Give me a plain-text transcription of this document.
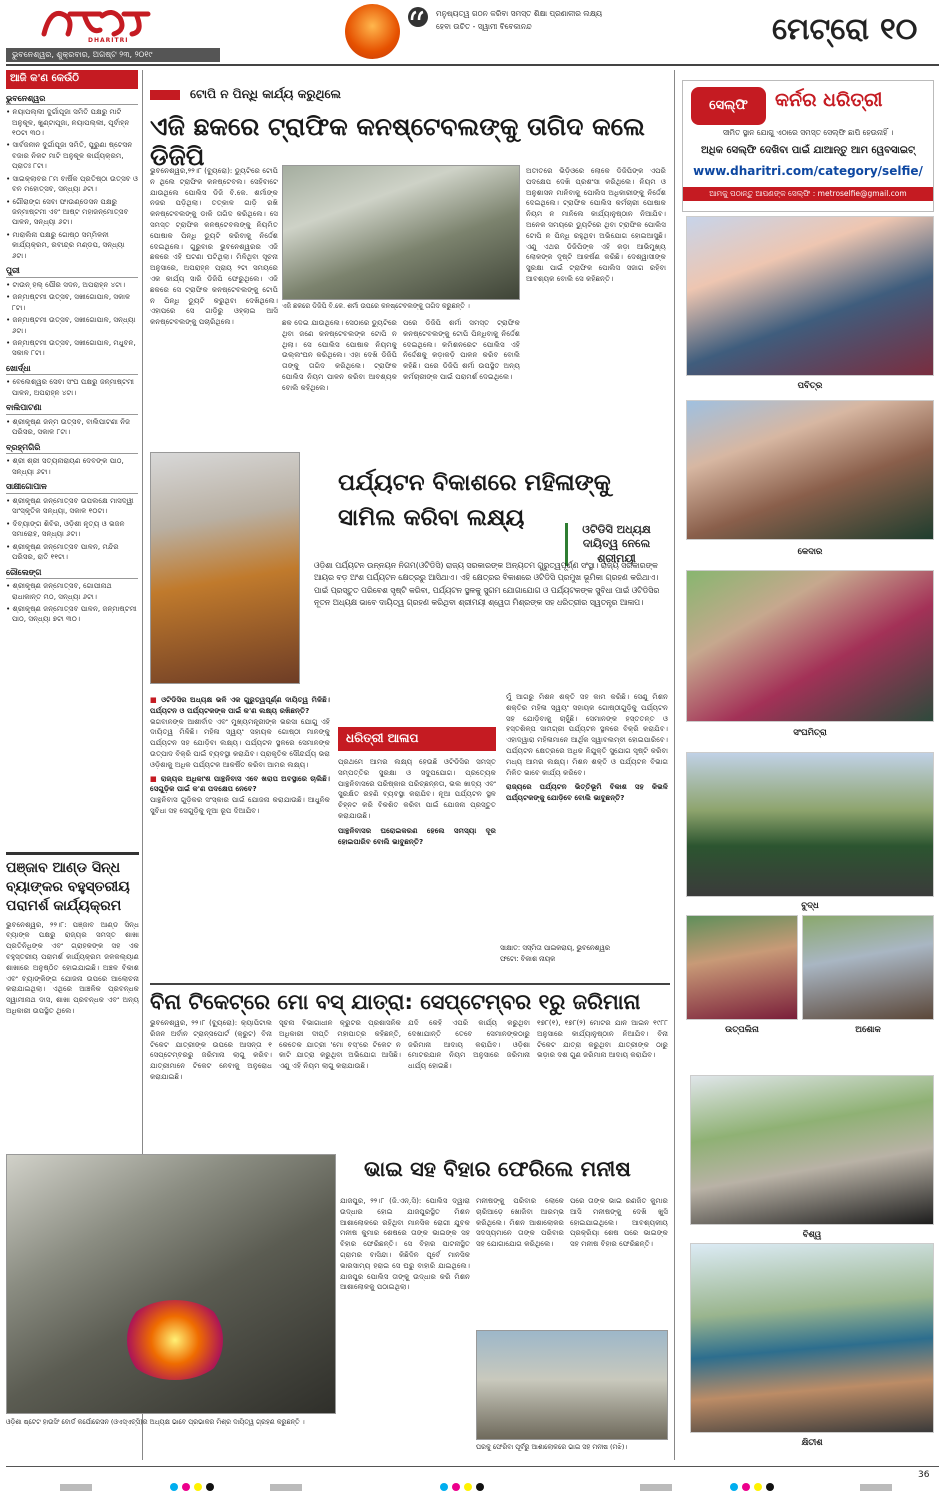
DHARITRI
ଭୁବନେଶ୍ୱର, ଶୁକ୍ରବାର, ଅଗଷ୍ଟ ୨୩, ୨୦୧୯
ମନୁଷ୍ୟତ୍ୱ ଗଠନ କରିବା ସମସ୍ତ ଶିକ୍ଷା ପ୍ରଣାଳୀର ଲକ୍ଷ୍ୟ
ହେବା ଉଚିତ - ସ୍ୱାମୀ ବିବେକାନନ୍ଦ	ମେଟ୍ରୋ ୧୦
ଆଜି କ'ଣ କେଉଁଠି
ଭୁବନେଶ୍ୱର
• ନୟାପଲ୍ଲୀ ଦୁର୍ଗାପୂଜା ସମିତି ପକ୍ଷରୁ ମାଟି ଅନୁକୂଳ, ଖୁଣ୍ଟାପୂଜା, ନୟାପଲ୍ଲୀ, ପୂର୍ବାହ୍ନ ୧୦ଟା ୩୦।
• ସାର୍ବଜନୀନ ଦୁର୍ଗାପୂଜା ସମିତି, ପୁରୁଣା ଷ୍ଟେସନ ବଜାର ନିକଟ ମାଟି ଅନୁକୂଳ କାର୍ଯ୍ୟକ୍ରମ, ପ୍ରାତଃ ୮ଟା।
• ସାଇକ୍ଲାବର ୮ମ ବାର୍ଷିକ ପ୍ରତିଷ୍ଠା ଉତ୍ସବ ଓ ବନ ମହୋତ୍ସବ, ସନ୍ଧ୍ୟା ୬ଟା।
• ଗୌରାଙ୍ଗ ସେବା ଫାଉଣ୍ଡେସନ ପକ୍ଷରୁ ଜନ୍ମାଷ୍ଟମୀ ଏବଂ ଆଷ୍ଟ ମହାଜନ୍ମୋତ୍ସବ ପାଳନ, ସନ୍ଧ୍ୟା ୬ଟା।
• ମାରାଲିନା ପକ୍ଷରୁ ଗୋଷ୍ଠ ସମ୍ମିଳନୀ କାର୍ଯ୍ୟକ୍ରମ, ରବୀନ୍ଦ୍ର ମଣ୍ଡପ, ସନ୍ଧ୍ୟା ୬ଟା।
ପୁରୀ
• ଟାଉନ୍ ହଲ୍ ପୌର ସଦନ, ଅପରାହ୍ନ ୪ଟା।
• ଜନ୍ମାଷ୍ଟମୀ ଉତ୍ସବ, ସଖୀଗୋପାଳ, ସକାଳ ୮ଟା।
• ଜନ୍ମାଷ୍ଟମୀ ଉତ୍ସବ, ସଖୀଗୋପାଳ, ସନ୍ଧ୍ୟା ୬ଟା।
• ଜନ୍ମାଷ୍ଟମୀ ଉତ୍ସବ, ସଖୀଗୋପାଳ, ମଧୁବନ, ସକାଳ ୮ଟା।
ଖୋର୍ଦ୍ଧା
• ବେଲେଶ୍ୱର ସେବା ସଂଘ ପକ୍ଷରୁ ଜନ୍ମାଷ୍ଟମୀ ପାଳନ, ଅପରାହ୍ନ ୪ଟା।
ବାଲିପାଟଣା
• ଶ୍ରୀକୃଷ୍ଣ ଜନ୍ମ ଉତ୍ସବ, ବାଲିପାଟଣା ନିଜ ପରିସର, ସକାଳ ୮ଟା।
ବ୍ରହ୍ମଗିରି
• ଶ୍ରୀ ଶ୍ରୀ ସତ୍ୟନାରାୟଣ ଦେବଙ୍କ ପାଠ, ସନ୍ଧ୍ୟା ୬ଟା।
ସାକ୍ଷୀଗୋପାଳ
• ଶ୍ରୀକୃଷ୍ଣ ଜନ୍ମୋତ୍ସବ ଉପଲକ୍ଷେ ମାସଦ୍ୱୀ ସାଂସ୍କୃତିକ ସନ୍ଧ୍ୟା, ସକାଳ ୧୦ଟା।
• ଦିବ୍ୟାଙ୍ଗ ଶିବିର, ଓଡ଼ିଶୀ ନୃତ୍ୟ ଓ ଭଜନ ସମାରୋହ, ସନ୍ଧ୍ୟା ୬ଟା।
• ଶ୍ରୀକୃଷ୍ଣ ଜନ୍ମୋତ୍ସବ ପାଳନ, ମନ୍ଦିର ପରିସର, ରାତି ୧୧ଟା।
ରୌଲେଙ୍ଗ
• ଶ୍ରୀକୃଷ୍ଣ ଜନ୍ମୋତ୍ସବ, ଗୋପୀନାଥ ରାଧାକାନ୍ତ ମଠ, ସନ୍ଧ୍ୟା ୬ଟା।
• ଶ୍ରୀକୃଷ୍ଣ ଜନ୍ମୋତ୍ସବ ପାଳନ, ଜନ୍ମାଷ୍ଟମୀ ପାଠ, ସନ୍ଧ୍ୟା ୭ଟା ୩୦।
ପଞ୍ଜାବ ଆଣ୍ଡ ସିନ୍ଧ ବ୍ୟାଙ୍କର ବହୁସ୍ତରୀୟ ପରାମର୍ଶ କାର୍ଯ୍ୟକ୍ରମ
ଭୁବନେଶ୍ୱର, ୨୨।୮: ପଞ୍ଜାବ ଆଣ୍ଡ ସିନ୍ଧ ବ୍ୟାଙ୍କ ପକ୍ଷରୁ ରାଜ୍ୟର ସମସ୍ତ ଶାଖା ପ୍ରତିନିଧିଙ୍କ ଏବଂ ଗ୍ରାହକଙ୍କ ସହ ଏକ ବହୁସ୍ତରୀୟ ପରାମର୍ଶ କାର୍ଯ୍ୟକ୍ରମ ଜଳକଲ୍ୟାଣ ଶାଖାରେ ଅନୁଷ୍ଠିତ ହୋଇଯାଇଛି। ଅଞ୍ଚଳ ବିକାଶ ଏବଂ ବ୍ୟାଙ୍କିଙ୍ଗ ଯୋଜନା ଉପରେ ଆଲୋଚନା କରାଯାଇଥିଲା। ଏଥିରେ ଆଞ୍ଚଳିକ ପ୍ରବନ୍ଧକ ସ୍ୱାମୀନାଥ ଦାସ, ଶାଖା ପ୍ରବନ୍ଧକ ଏବଂ ଅନ୍ୟ ଅଧିକାରୀ ଉପସ୍ଥିତ ଥିଲେ।
ଟୋପି ନ ପିନ୍ଧି କାର୍ଯ୍ୟ କରୁଥିଲେ
ଏଜି ଛକରେ ଟ୍ରାଫିକ କନଷ୍ଟେବଲଙ୍କୁ ତାଗିଦ କଲେ ଡିଜିପି
ଭୁବନେଶ୍ୱର,୨୨।୮ (ବ୍ୟୁରୋ): ଡ୍ୟୁଟିରେ ଟୋପି ନ ଥିଲେ ଟ୍ରାଫିକ କନଷ୍ଟେବଲ। ସେହିବାଟେ ଯାଉଥିଲେ ପୋଲିସ ଡିଜି ବି.କେ. ଶର୍ମାଙ୍କ ନଜର ପଡ଼ିଥିଲା। ତତ୍କାଳ ଗାଡ଼ି ରଖି କନଷ୍ଟେବଲଙ୍କୁ ଡାକି ତାଗିଦ କରିଥିଲେ। ସେ ସମସ୍ତ ଟ୍ରାଫିକ କନଷ୍ଟେବଲଙ୍କୁ ନିୟମିତ ପୋଷାକ ପିନ୍ଧି ଡ୍ୟୁଟି କରିବାକୁ ନିର୍ଦ୍ଦେଶ ଦେଇଥିଲେ। ଗୁରୁବାର ଭୁବନେଶ୍ୱରର ଏଜି ଛକରେ ଏହି ଘଟଣା ଘଟିଥିଲା। ମିଳିଥିବା ସୂଚନା ଅନୁସାରେ, ଅପରାହ୍ନ ପ୍ରାୟ ୨ଟା ସମୟରେ ଏକ କାର୍ଯ୍ୟ ସାରି ଡିଜିପି ଫେରୁଥିଲେ। ଏଜି ଛକରେ ସେ ଟ୍ରାଫିକ କନଷ୍ଟେବଲଙ୍କୁ ଟୋପି ନ ପିନ୍ଧି ଡ୍ୟୁଟି କରୁଥିବା ଦେଖିଥିଲେ। ଏହାପରେ ସେ ଗାଡ଼ିରୁ ଓହ୍ଲାଇ ଆସି କନଷ୍ଟେବଲଙ୍କୁ ପଚାରିଥିଲେ।
ଏଜି ଛକରେ ଡିଜିପି ବି.କେ. ଶର୍ମା ଉପରେ କନଷ୍ଟେବଲଙ୍କୁ ତାଗିଦ କରୁଛନ୍ତି ।
ଛକ ଦେଇ ଯାଉଥିଲେ। ସେଠାରେ ଡ୍ୟୁଟିରେ ଥିବା ଜଣେ କନଷ୍ଟେବଲଙ୍କ ଟୋପି ନ ଥିଲା। ସେ ପୋଲିସ ପୋଷାକ ନିୟମକୁ ଉଲ୍ଲଂଘନ କରିଥିଲେ। ଏହା ଦେଖି ଡିଜିପି ତାଙ୍କୁ ତାଗିଦ କରିଥିଲେ। ଟ୍ରାଫିକ ପୋଲିସ ନିୟମ ପାଳନ କରିବା ଆବଶ୍ୟକ ବୋଲି କହିଥିଲେ।
ପରେ ଡିଜିପି ଶର୍ମା ସମସ୍ତ ଟ୍ରାଫିକ କନଷ୍ଟେବଲଙ୍କୁ ଟୋପି ପିନ୍ଧିବାକୁ ନିର୍ଦ୍ଦେଶ ଦେଇଥିଲେ। କମିଶନରେଟ ପୋଲିସ ଏହି ନିର୍ଦ୍ଦେଶକୁ କଡ଼ାକଡ଼ି ପାଳନ କରିବ ବୋଲି କହିଛି। ପରେ ଡିଜିପି ଶର୍ମା ଉପସ୍ଥିତ ଅନ୍ୟ କର୍ମଚାରୀଙ୍କ ପାଇଁ ପରାମର୍ଶ ଦେଇଥିଲେ।
ଅତୀତରେ ଭିଡ଼ିଓରେ ଲୋକେ ଡିଜିପିଙ୍କ ଏପରି ପଦକ୍ଷେପ ଦେଖି ପ୍ରଶଂସା କରିଥିଲେ। ନିୟମ ଓ ଅନୁଶାସନ ମାନିବାକୁ ପୋଲିସ ଅଧିକାରୀଙ୍କୁ ନିର୍ଦ୍ଦେଶ ଦେଇଥିଲେ। ଟ୍ରାଫିକ ପୋଲିସ କର୍ମଚାରୀ ପୋଷାକ ନିୟମ ନ ମାନିଲେ କାର୍ଯ୍ୟାନୁଷ୍ଠାନ ନିଆଯିବ। ଅନେକ ସମୟରେ ଡ୍ୟୁଟିରେ ଥିବା ଟ୍ରାଫିକ ପୋଲିସ ଟୋପି ନ ପିନ୍ଧି ରହୁଥିବା ଅଭିଯୋଗ ହୋଇଆସୁଛି। ଏଣୁ ଏଥର ଡିଜିପିଙ୍କ ଏହି କଡ଼ା ଆଭିମୁଖ୍ୟ ଲୋକଙ୍କ ଦୃଷ୍ଟି ଆକର୍ଷଣ କରିଛି। ଦେଶ୍ୱାସୀଙ୍କ ସୁରକ୍ଷା ପାଇଁ ଟ୍ରାଫିକ ପୋଲିସ ସଜାଗ ରହିବା ଆବଶ୍ୟକ ବୋଲି ସେ କହିଛନ୍ତି।
ପର୍ଯ୍ୟଟନ ବିକାଶରେ ମହିଳାଙ୍କୁ ସାମିଲ କରିବା ଲକ୍ଷ୍ୟ	ଓଟିଡିସି ଅଧ୍ୟକ୍ଷ ଦାୟିତ୍ୱ ନେଲେ ଶ୍ରୀମୟୀ
ଓଡ଼ିଶା ପର୍ଯ୍ୟଟନ ଉନ୍ନୟନ ନିଗମ(ଓଟିଡିସି) ରାଜ୍ୟ ସରକାରଙ୍କ ଅନ୍ୟତମ ଗୁରୁତ୍ୱପୂର୍ଣ୍ଣ ସଂସ୍ଥା। ରାଜ୍ୟ ସରକାରଙ୍କ ଆୟର ବଡ଼ ଅଂଶ ପର୍ଯ୍ୟଟନ କ୍ଷେତ୍ରରୁ ଆସିଥାଏ। ଏହି କ୍ଷେତ୍ରର ବିକାଶରେ ଓଟିଡିସି ପ୍ରମୁଖ ଭୂମିକା ଗ୍ରହଣ କରିଥାଏ। ପାଇଁ ପ୍ରସ୍ତୁତ ପରିବେଶ ସୃଷ୍ଟି କରିବା, ପର୍ଯ୍ୟଟନ ସ୍ଥଳକୁ ସୁଗମ ଯୋଗାଯୋଗ ଓ ପର୍ଯ୍ୟଟକଙ୍କ ସୁବିଧା ପାଇଁ ଓଟିଡିସିର ନୂତନ ଅଧ୍ୟକ୍ଷ ଭାବେ ଦାୟିତ୍ୱ ଗ୍ରହଣ କରିଥିବା ଶ୍ରୀମୟୀ ଶ୍ୱେତା ମିଶ୍ରଙ୍କ ସହ ଧରିତ୍ରୀର ସ୍ୱତନ୍ତ୍ର ଆଳାପ।
■ ଓଟିଡିସିର ଅଧ୍ୟକ୍ଷ ଭଳି ଏକ ଗୁରୁତ୍ୱପୂର୍ଣ୍ଣ ଦାୟିତ୍ୱ ମିଳିଛି। ପର୍ଯ୍ୟଟନ ଓ ପର୍ଯ୍ୟଟକଙ୍କ ପାଇଁ କ'ଣ ଲକ୍ଷ୍ୟ ରଖିଛନ୍ତି?
ଭଗବାନଙ୍କ ଆଶୀର୍ବାଦ ଏବଂ ମୁଖ୍ୟମନ୍ତ୍ରୀଙ୍କ ଭରସା ଯୋଗୁ ଏହି ଦାୟିତ୍ୱ ମିଳିଛି। ମହିଳା ସ୍ୱୟଂ ସହାୟକ ଗୋଷ୍ଠୀ ମାନଙ୍କୁ ପର୍ଯ୍ୟଟନ ସହ ଯୋଡ଼ିବା ଲକ୍ଷ୍ୟ। ପର୍ଯ୍ୟଟନ ସ୍ଥଳରେ ସେମାନଙ୍କ ଉତ୍ପାଦ ବିକ୍ରି ପାଇଁ ବ୍ୟବସ୍ଥା କରାଯିବ। ପ୍ରାକୃତିକ ସୌନ୍ଦର୍ଯ୍ୟ ଭରା ଓଡ଼ିଶାକୁ ଅଧିକ ପର୍ଯ୍ୟଟକ ଆକର୍ଷିତ କରିବା ଆମର ଲକ୍ଷ୍ୟ।
■ ରାଜ୍ୟର ଅଧିକାଂଶ ପାନ୍ଥନିବାସ ଏବେ ଖରାପ ଅବସ୍ଥାରେ ଚାଲିଛି। ସେଗୁଡ଼ିକ ପାଇଁ କ'ଣ ପଦକ୍ଷେପ ନେବେ?
ପାନ୍ଥନିବାସ ଗୁଡ଼ିକର ସଂସ୍କାର ପାଇଁ ଯୋଜନା କରାଯାଉଛି। ଆଧୁନିକ ସୁବିଧା ସହ ସେଗୁଡ଼ିକୁ ନୂଆ ରୂପ ଦିଆଯିବ।
ଧରିତ୍ରୀ ଆଳାପ
ପ୍ରଥମେ ଆମର ଲକ୍ଷ୍ୟ ହେଉଛି ଓଟିଡିସିର ସମସ୍ତ ସମ୍ପତ୍ତିର ସୁରକ୍ଷା ଓ ସଦୁପଯୋଗ। ପ୍ରତ୍ୟେକ ପାନ୍ଥନିବାସରେ ପରିଷ୍କାର ପରିଚ୍ଛନ୍ନତା, ଭଲ ଖାଦ୍ୟ ଏବଂ ସୁରକ୍ଷିତ ରହଣି ବ୍ୟବସ୍ଥା କରାଯିବ। ନୂଆ ପର୍ଯ୍ୟଟନ ସ୍ଥଳ ଚିହ୍ନଟ କରି ବିକଶିତ କରିବା ପାଇଁ ଯୋଜନା ପ୍ରସ୍ତୁତ କରାଯାଉଛି।
ପାନ୍ଥନିବାସର ଘରୋଇକରଣ ହେଲେ ସମସ୍ୟା ଦୂର ହୋଇପାରିବ ବୋଲି ଭାବୁଛନ୍ତି?
ମୁଁ ଆଗରୁ ମିଶନ ଶକ୍ତି ସହ କାମ କରିଛି। ସେଣୁ ମିଶନ ଶକ୍ତିର ମହିଳା ସ୍ୱୟଂ ସହାୟକ ଗୋଷ୍ଠୀଗୁଡ଼ିକୁ ପର୍ଯ୍ୟଟନ ସହ ଯୋଡ଼ିବାକୁ ଚାହୁଁଛି। ସେମାନଙ୍କ ହସ୍ତତନ୍ତ ଓ ହସ୍ତଶିଳ୍ପ ସାମଗ୍ରୀ ପର୍ଯ୍ୟଟନ ସ୍ଥଳରେ ବିକ୍ରି କରାଯିବ। ଏହାଦ୍ୱାରା ମହିଳାମାନେ ଆର୍ଥିକ ସ୍ୱାବଲମ୍ବୀ ହୋଇପାରିବେ। ପର୍ଯ୍ୟଟନ କ୍ଷେତ୍ରରେ ଅଧିକ ନିଯୁକ୍ତି ସୁଯୋଗ ସୃଷ୍ଟି କରିବା ମଧ୍ୟ ଆମର ଲକ୍ଷ୍ୟ। ମିଶନ ଶକ୍ତି ଓ ପର୍ଯ୍ୟଟନ ବିଭାଗ ମିଳିତ ଭାବେ କାର୍ଯ୍ୟ କରିବେ।
ରାଜ୍ୟରେ ପର୍ଯ୍ୟଟନ ଭିତ୍ତିଭୂମି ବିକାଶ ସହ କିଭଳି ପର୍ଯ୍ୟଟକଙ୍କୁ ଯୋଡ଼ିବେ ବୋଲି ଭାବୁଛନ୍ତି?
ସାକ୍ଷାତ: ସସ୍ମିତା ପାଇକରାୟ, ଭୁବନେଶ୍ୱର
ଫଟୋ: ବିକାଶ ନାୟକ
ବିନା ଟିକେଟ୍‌ରେ ମୋ ବସ୍ ଯାତ୍ରା: ସେପ୍ଟେମ୍ବର ୧ରୁ ଜରିମାନା
ଭୁବନେଶ୍ୱର, ୨୨।୮ (ବ୍ୟୁରୋ): କ୍ୟାପିଟାଲ ରିଜନ ଅର୍ବାନ ଟ୍ରାନ୍ସପୋର୍ଟ (କ୍ରୁଟ) ବିନା ଟିକେଟ ଯାତ୍ରୀଙ୍କ ଉପରେ ଆସନ୍ତା ୧ ସେପ୍ଟେମ୍ବରରୁ ଜରିମାନା ଲାଗୁ କରିବ। ଯାତ୍ରୀମାନେ ଟିକେଟ ନେବାକୁ ଅନୁରୋଧ କରାଯାଇଛି।
ସୂଚନା ବିଭାଗାଧୀନ କ୍ରୁଟର ପ୍ରଶାସନିକ ଅଧିକାରୀ ଦୀପ୍ତି ମହାପାତ୍ର କହିଛନ୍ତି, କେତେକ ଯାତ୍ରୀ 'ମୋ ବସ୍'ରେ ଟିକେଟ ନ କାଟି ଯାତ୍ରା କରୁଥିବା ଅଭିଯୋଗ ଆସିଛି। ଏଣୁ ଏହି ନିୟମ ଲାଗୁ କରାଯାଉଛି।
ଯଦି କେହି ଏପରି କାର୍ଯ୍ୟ କରୁଥିବା ଦେଖାଯାନ୍ତି ତେବେ ସେମାନଙ୍କଠାରୁ ଜରିମାନା ଆଦାୟ କରାଯିବ। ଓଡ଼ିଶା ମୋଟରଯାନ ନିୟମ ଅନୁସାରେ ଜରିମାନା ଧାର୍ଯ୍ୟ ହୋଇଛି।
୧୭୮(୧), ୧୭୮(୨) ମୋଟର ଯାନ ଆଇନ ୧୯୮୮ ଅନୁସାରେ କାର୍ଯ୍ୟାନୁଷ୍ଠାନ ନିଆଯିବ। ବିନା ଟିକେଟ ଯାତ୍ରା କରୁଥିବା ଯାତ୍ରୀଙ୍କ ଠାରୁ ଭଡ଼ାର ଦଶ ଗୁଣ ଜରିମାନା ଆଦାୟ କରାଯିବ।
ଓଡ଼ିଶା ଷ୍ଟେଟ ହାଉସିଂ ବୋର୍ଡ କର୍ପୋରେସନ (ଓଏସ୍ଏଚ୍‌ସି)ର ଅଧ୍ୟକ୍ଷ ଭାବେ ପ୍ରଭାକର ମିଶ୍ର ଦାୟିତ୍ୱ ଗ୍ରହଣ କରୁଛନ୍ତି ।
ଭାଇ ସହ ବିହାର ଫେରିଲେ ମନୀଷ
ଯାଜପୁର, ୨୨।୮ (ଜି.ଏନ୍.ସି): ପୋଲିସ ଦ୍ୱାରା ଉଦ୍ଧାର ହୋଇ ଯାଜପୁରସ୍ଥିତ ମିଶନ ଆଶାଲୋକରେ ରହିଥିବା ମାନସିକ ରୋଗୀ ଯୁବକ ମନୀଷ କୁମାର ଶେଷରେ ତାଙ୍କ ଭାଇଙ୍କ ସହ ବିହାର ଫେରିଛନ୍ତି। ସେ ବିହାର ପାଟନାସ୍ଥିତ ଗ୍ରାମର ବାସିନ୍ଦା। କିଛିଦିନ ପୂର୍ବେ ମାନସିକ ଭାରସାମ୍ୟ ହରାଇ ସେ ଘରୁ ବାହାରି ଯାଇଥିଲେ। ଯାଜପୁର ପୋଲିସ ତାଙ୍କୁ ଉଦ୍ଧାର କରି ମିଶନ ଆଶାଲୋକକୁ ପଠାଇଥିଲା।
ମନୀଷଙ୍କୁ ପରିବାର ଲୋକେ ଚାରିଆଡ଼େ ଖୋଜିବା ଆରମ୍ଭ କରିଥିଲେ। ମିଶନ ଆଶାଲୋକର ସଦସ୍ୟମାନେ ତାଙ୍କ ପରିବାର ସହ ଯୋଗାଯୋଗ କରିଥିଲେ।
ପରେ ତାଙ୍କ ଭାଇ ରଣଜିତ କୁମାର ଆସି ମନୀଷଙ୍କୁ ଦେଖି ଖୁସି ହୋଇଯାଇଥିଲେ। ଆବଶ୍ୟକୀୟ ପ୍ରକ୍ରିୟା ଶେଷ ପରେ ଭାଇଙ୍କ ସହ ମନୀଷ ବିହାର ଫେରିଛନ୍ତି।
ଘରକୁ ଫେରିବା ପୂର୍ବରୁ ଆଶାଲୋକରେ ଭାଇ ସହ ମନୀଷ (ମଝି)।
ସେଲ୍ଫି	କର୍ନର ଧରିତ୍ରୀ
ସୀମିତ ସ୍ଥାନ ଯୋଗୁ ଏଠାରେ ସମସ୍ତ ସେଲ୍ଫି ଛାପି ହେଉନାହିଁ ।
ଅଧିକ ସେଲ୍ଫି ଦେଖିବା ପାଇଁ ଯାଆନ୍ତୁ ଆମ ୱେବସାଇଟ୍
www.dharitri.com/category/selfie/
ଆମକୁ ପଠାନ୍ତୁ ଆପଣଙ୍କ ସେଲ୍ଫି : metroselfie@gmail.com
ପବିତ୍ର
କେଦାର
ସଂଘମିତ୍ରା
ବୁଦ୍ଧ
ଉତ୍ପଲିନା	ଅଶୋକ
ବିଶ୍ୱ
କ୍ଷିତୀଶ
36
